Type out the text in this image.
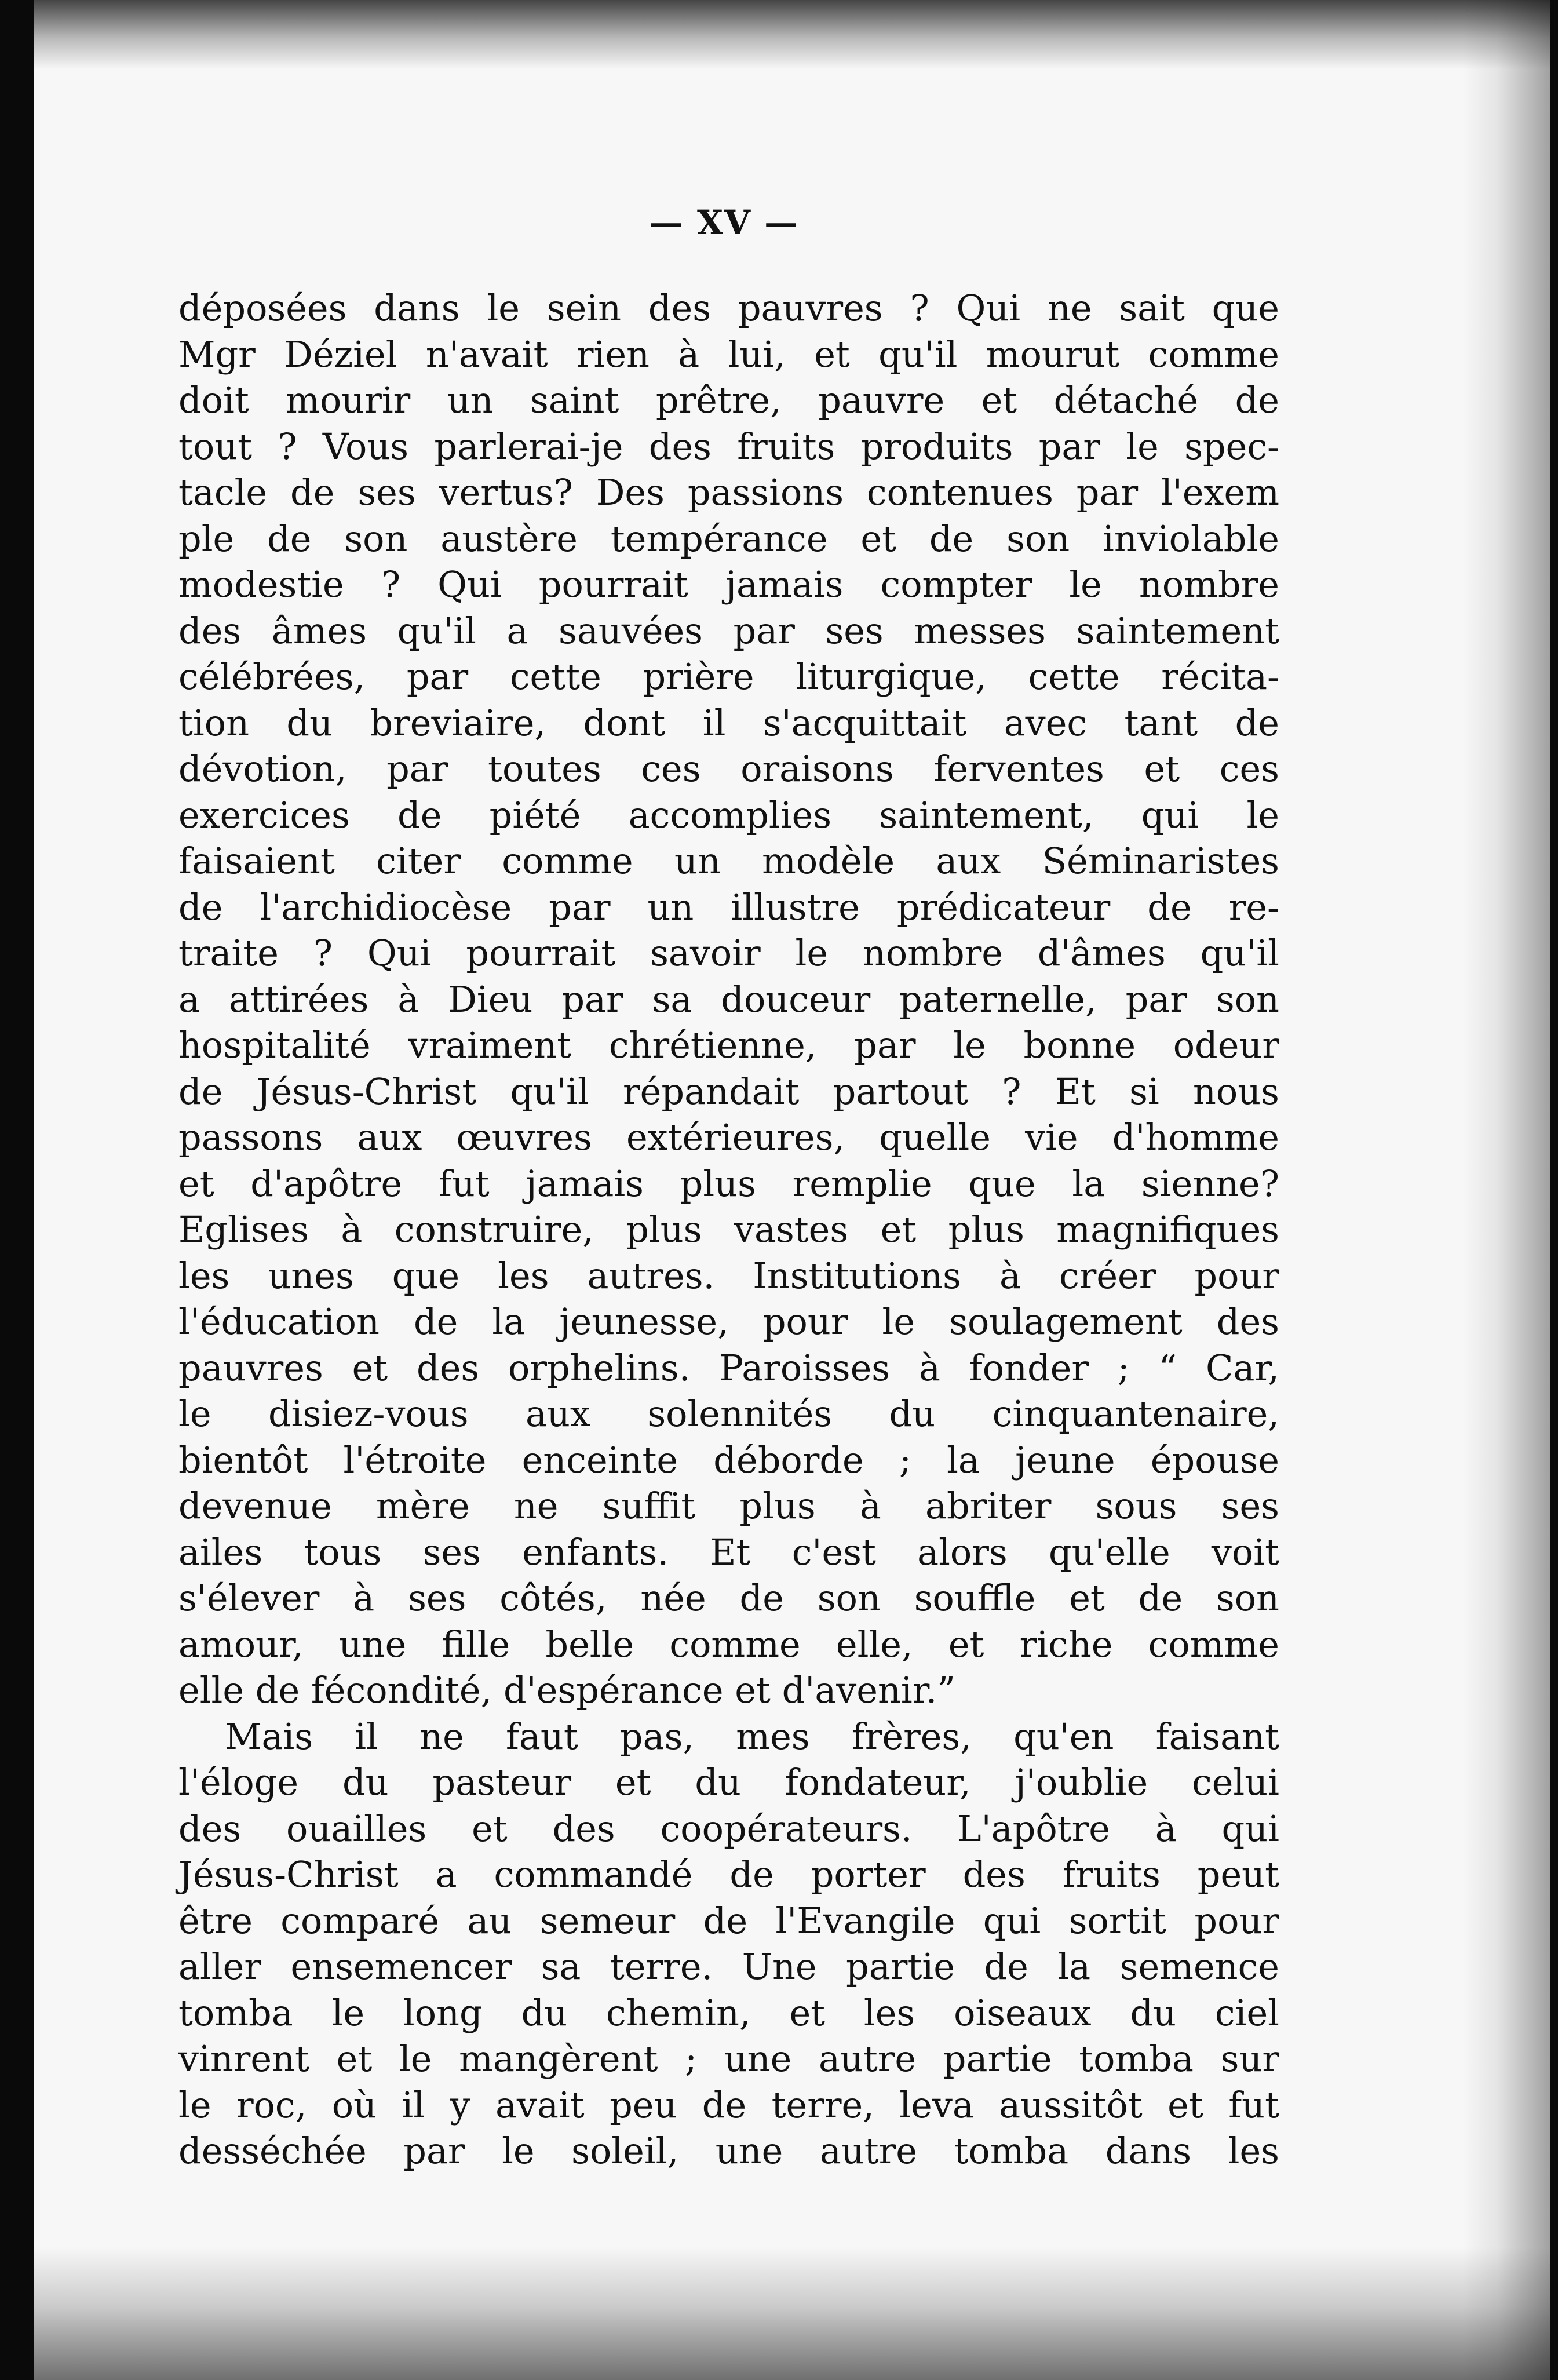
— XV —
déposées dans le sein des pauvres ? Qui ne sait que
Mgr Déziel n'avait rien à lui, et qu'il mourut comme
doit mourir un saint prêtre, pauvre et détaché de
tout ? Vous parlerai-je des fruits produits par le spec-
tacle de ses vertus? Des passions contenues par l'exem
ple de son austère tempérance et de son inviolable
modestie ? Qui pourrait jamais compter le nombre
des âmes qu'il a sauvées par ses messes saintement
célébrées, par cette prière liturgique, cette récita-
tion du breviaire, dont il s'acquittait avec tant de
dévotion, par toutes ces oraisons ferventes et ces
exercices de piété accomplies saintement, qui le
faisaient citer comme un modèle aux Séminaristes
de l'archidiocèse par un illustre prédicateur de re-
traite ? Qui pourrait savoir le nombre d'âmes qu'il
a attirées à Dieu par sa douceur paternelle, par son
hospitalité vraiment chrétienne, par le bonne odeur
de Jésus-Christ qu'il répandait partout ? Et si nous
passons aux œuvres extérieures, quelle vie d'homme
et d'apôtre fut jamais plus remplie que la sienne?
Eglises à construire, plus vastes et plus magnifiques
les unes que les autres. Institutions à créer pour
l'éducation de la jeunesse, pour le soulagement des
pauvres et des orphelins. Paroisses à fonder ; “ Car,
le disiez-vous aux solennités du cinquantenaire,
bientôt l'étroite enceinte déborde ; la jeune épouse
devenue mère ne suffit plus à abriter sous ses
ailes tous ses enfants. Et c'est alors qu'elle voit
s'élever à ses côtés, née de son souffle et de son
amour, une fille belle comme elle, et riche comme
elle de fécondité, d'espérance et d'avenir.”
Mais il ne faut pas, mes frères, qu'en faisant
l'éloge du pasteur et du fondateur, j'oublie celui
des ouailles et des coopérateurs. L'apôtre à qui
Jésus-Christ a commandé de porter des fruits peut
être comparé au semeur de l'Evangile qui sortit pour
aller ensemencer sa terre. Une partie de la semence
tomba le long du chemin, et les oiseaux du ciel
vinrent et le mangèrent ; une autre partie tomba sur
le roc, où il y avait peu de terre, leva aussitôt et fut
desséchée par le soleil, une autre tomba dans les
